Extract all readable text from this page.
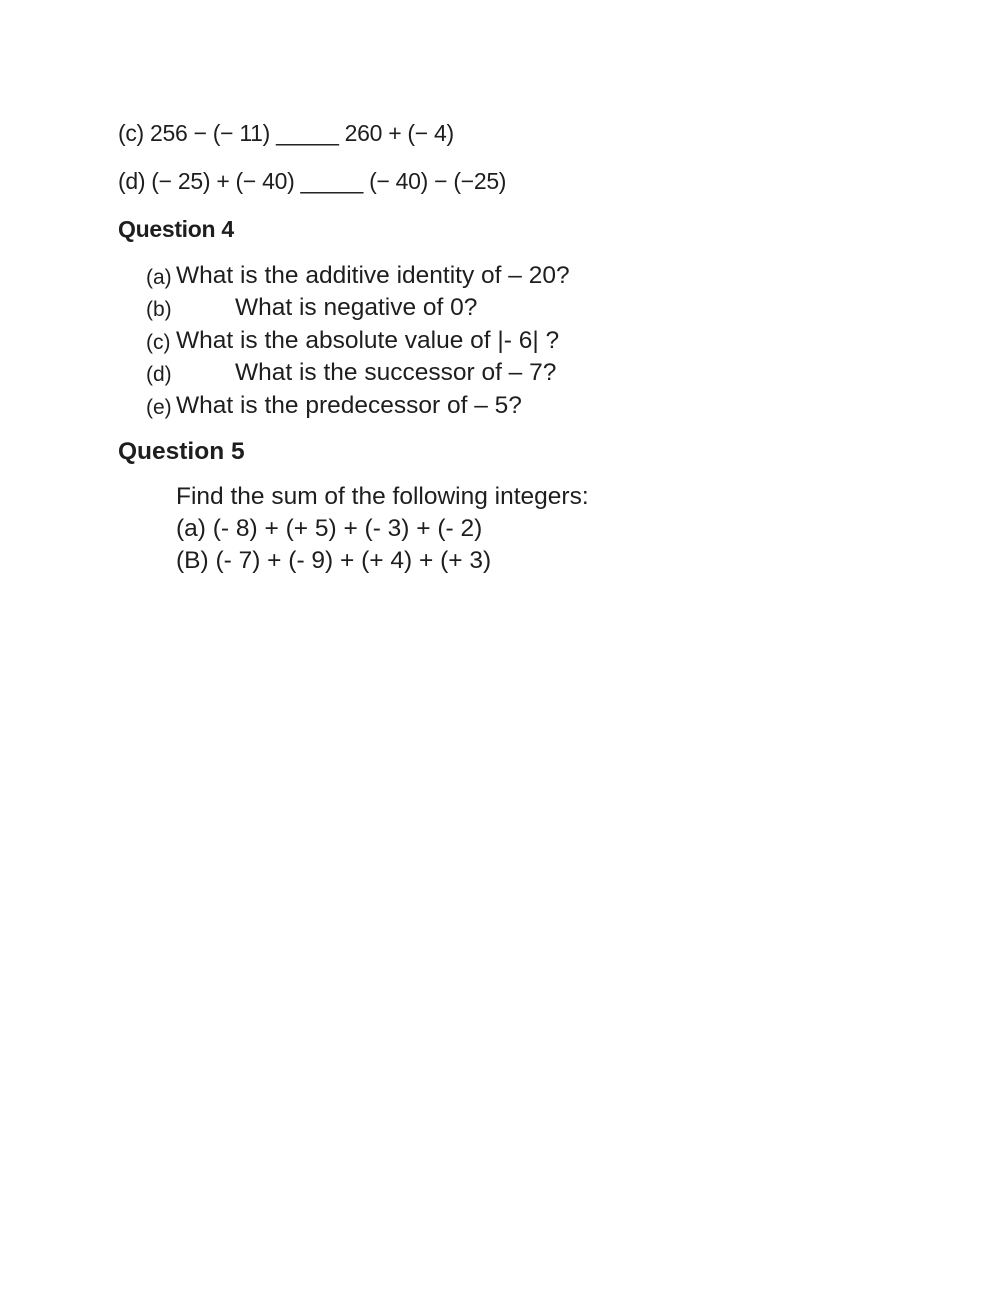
(c) 256 − (− 11) _____ 260 + (− 4)
(d) (− 25) + (− 40) _____ (− 40) − (−25)
Question 4
(a) What is the additive identity of – 20?
(b)	What is negative of 0?
(c) What is the absolute value of |- 6| ?
(d)	What is the successor of – 7?
(e) What is the predecessor of – 5?
Question 5
Find the sum of the following integers:
(a) (- 8) + (+ 5) + (- 3) + (- 2)
(B) (- 7) + (- 9) + (+ 4) + (+ 3)
